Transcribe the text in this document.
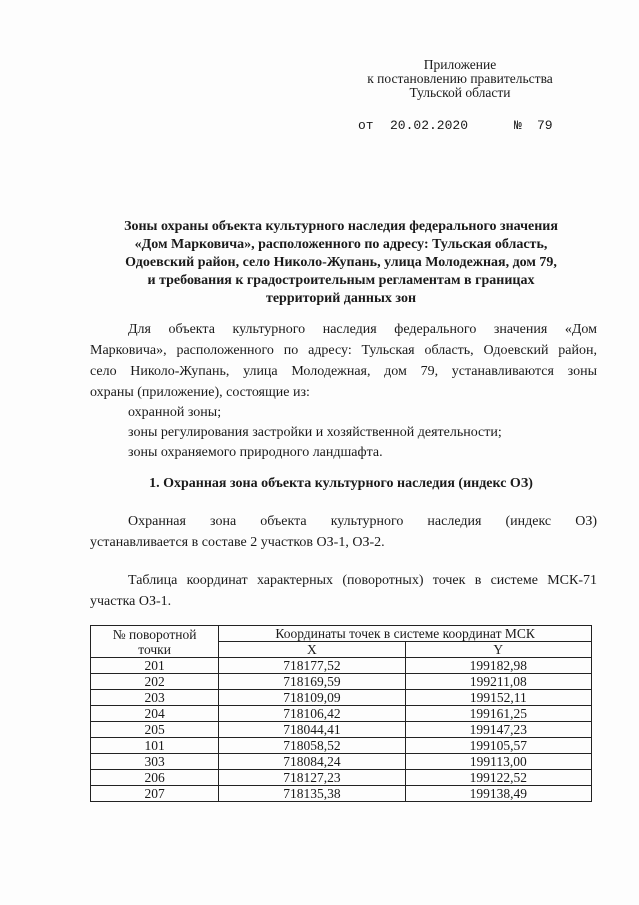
Приложение
к постановлению правительства
Тульской области
от 20.02.2020	№ 79
Зоны охраны объекта культурного наследия федерального значения
«Дом Марковича», расположенного по адресу: Тульская область,
Одоевский район, село Николо-Жупань, улица Молодежная, дом 79,
и требования к градостроительным регламентам в границах
территорий данных зон
Для объекта культурного наследия федерального значения «Дом
Марковича», расположенного по адресу: Тульская область, Одоевский район,
село Николо-Жупань, улица Молодежная, дом 79, устанавливаются зоны
охраны (приложение), состоящие из:
охранной зоны;
зоны регулирования застройки и хозяйственной деятельности;
зоны охраняемого природного ландшафта.
1. Охранная зона объекта культурного наследия (индекс ОЗ)
Охранная зона объекта культурного наследия (индекс ОЗ)
устанавливается в составе 2 участков ОЗ-1, ОЗ-2.
Таблица координат характерных (поворотных) точек в системе МСК-71
участка ОЗ-1.
№ поворотной
точки	Координаты точек в системе координат МСК	
	X	Y
201	718177,52	199182,98
202	718169,59	199211,08
203	718109,09	199152,11
204	718106,42	199161,25
205	718044,41	199147,23
101	718058,52	199105,57
303	718084,24	199113,00
206	718127,23	199122,52
207	718135,38	199138,49
